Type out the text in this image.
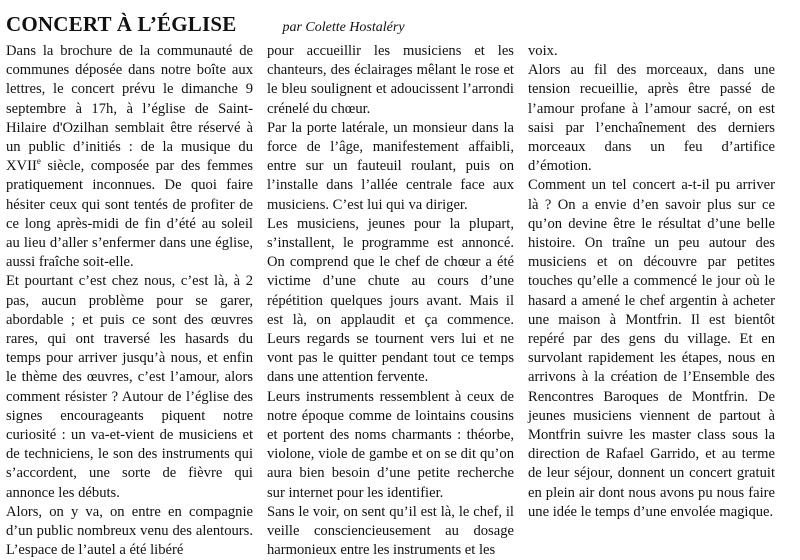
CONCERT À L’ÉGLISE	par Colette Hostaléry

Dans la brochure de la communauté de communes déposée dans notre boîte aux lettres, le concert prévu le dimanche 9 septembre à 17h, à l’église de Saint-Hilaire d'Ozilhan semblait être réservé à un public d’initiés : de la musique du XVIIe siècle, composée par des femmes pratiquement inconnues. De quoi faire hésiter ceux qui sont tentés de profiter de ce long après-midi de fin d’été au soleil au lieu d’aller s’enfermer dans une église, aussi fraîche soit-elle.

Et pourtant c’est chez nous, c’est là, à 2 pas, aucun problème pour se garer, abordable ; et puis ce sont des œuvres rares, qui ont traversé les hasards du temps pour arriver jusqu’à nous, et enfin le thème des œuvres, c’est l’amour, alors comment résister ? Autour de l’église des signes encourageants piquent notre curiosité : un va-et-vient de musiciens et de techniciens, le son des instruments qui s’accordent, une sorte de fièvre qui annonce les débuts.

Alors, on y va, on entre en compagnie d’un public nombreux venu des alentours. L’espace de l’autel a été libéré

pour accueillir les musiciens et les chanteurs, des éclairages mêlant le rose et le bleu soulignent et adoucissent l’arrondi crénelé du chœur.

Par la porte latérale, un monsieur dans la force de l’âge, manifestement affaibli, entre sur un fauteuil roulant, puis on l’installe dans l’allée centrale face aux musiciens. C’est lui qui va diriger.

Les musiciens, jeunes pour la plupart, s’installent, le programme est annoncé. On comprend que le chef de chœur a été victime d’une chute au cours d’une répétition quelques jours avant. Mais il est là, on applaudit et ça commence. Leurs regards se tournent vers lui et ne vont pas le quitter pendant tout ce temps dans une attention fervente.

Leurs instruments ressemblent à ceux de notre époque comme de lointains cousins et portent des noms charmants : théorbe, violone, viole de gambe et on se dit qu’on aura bien besoin d’une petite recherche sur internet pour les identifier.

Sans le voir, on sent qu’il est là, le chef, il veille consciencieusement au dosage harmonieux entre les instruments et les

voix.

Alors au fil des morceaux, dans une tension recueillie, après être passé de l’amour profane à l’amour sacré, on est saisi par l’enchaînement des derniers morceaux dans un feu d’artifice d’émotion.

Comment un tel concert a-t-il pu arriver là ? On a envie d’en savoir plus sur ce qu’on devine être le résultat d’une belle histoire. On traîne un peu autour des musiciens et on découvre par petites touches qu’elle a commencé le jour où le hasard a amené le chef argentin à acheter une maison à Montfrin. Il est bientôt repéré par des gens du village. Et en survolant rapidement les étapes, nous en arrivons à la création de l’Ensemble des Rencontres Baroques de Montfrin. De jeunes musiciens viennent de partout à Montfrin suivre les master class sous la direction de Rafael Garrido, et au terme de leur séjour, donnent un concert gratuit en plein air dont nous avons pu nous faire une idée le temps d’une envolée magique.
